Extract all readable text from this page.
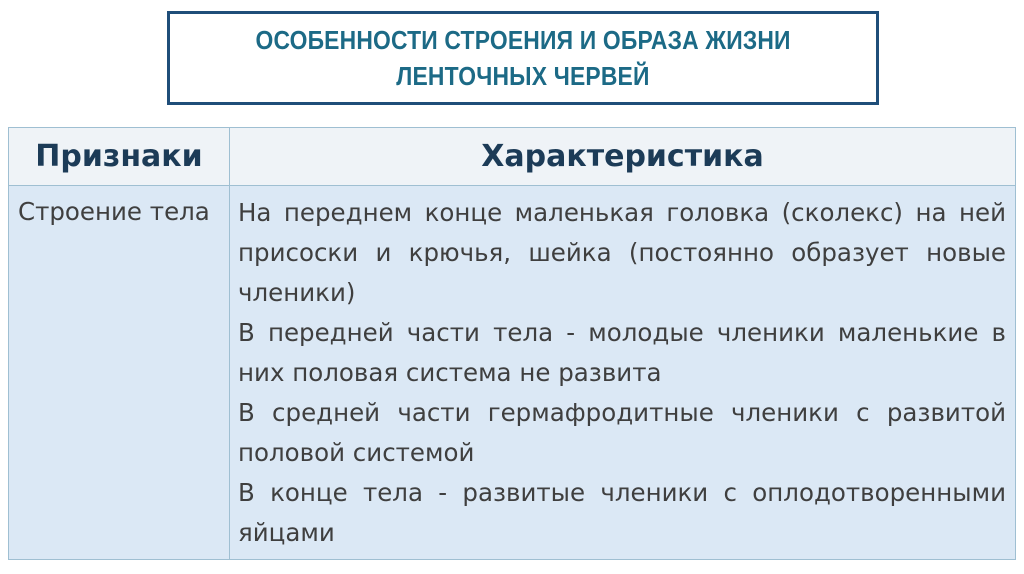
ОСОБЕННОСТИ СТРОЕНИЯ И ОБРАЗА ЖИЗНИ
ЛЕНТОЧНЫХ ЧЕРВЕЙ
Признаки	Характеристика
Строение тела	На переднем конце маленькая головка (сколекс) на ней присоски и крючья, шейка (постоянно образует новые членики)

В передней части тела - молодые членики маленькие в них половая система не развита

В средней части гермафродитные членики с развитой половой системой

В конце тела - развитые членики с оплодотворенными яйцами
